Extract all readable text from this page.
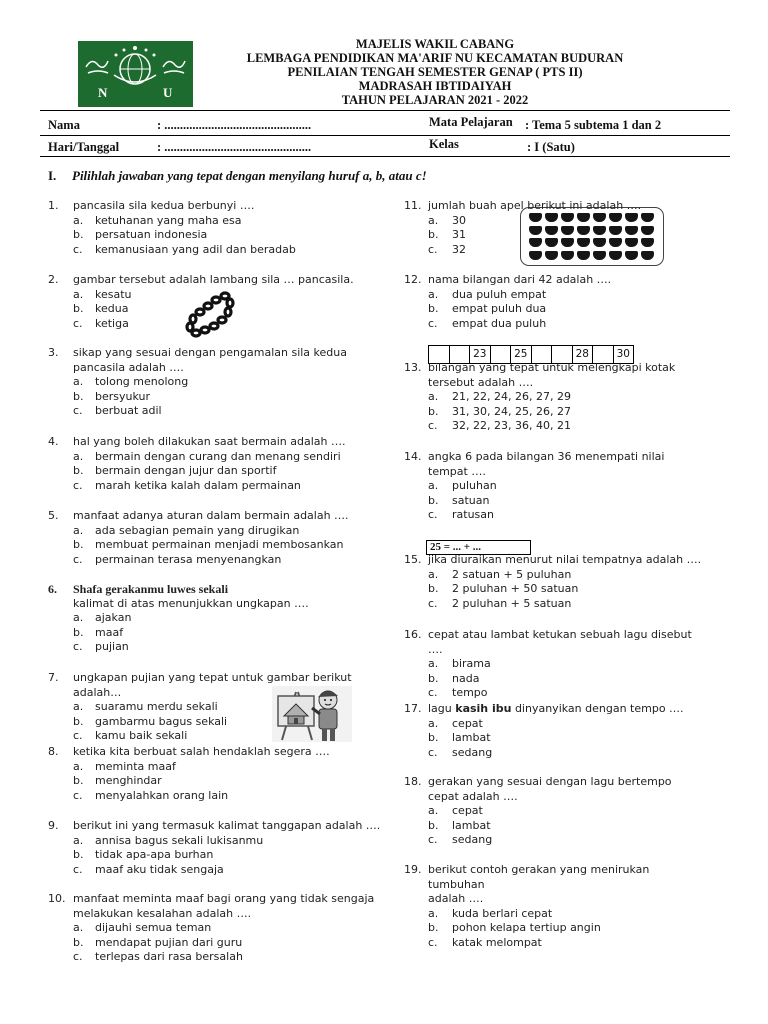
N	U
MAJELIS WAKIL CABANG
LEMBAGA PENDIDIKAN MA'ARIF NU KECAMATAN BUDURAN
PENILAIAN TENGAH SEMESTER GENAP ( PTS II)
MADRASAH IBTIDAIYAH
TAHUN PELAJARAN 2021 - 2022
Nama	: ...............................................
Hari/Tanggal	: ...............................................
Mata Pelajaran : Tema 5 subtema 1 dan 2
Kelas	: I (Satu)
I. Pilihlah jawaban yang tepat dengan menyilang huruf a, b, atau c!
23	25	28	30
25 = ... + ...
1. pancasila sila kedua berbunyi ….
a. ketuhanan yang maha esa
b. persatuan indonesia
c. kemanusiaan yang adil dan beradab
2. gambar tersebut adalah lambang sila … pancasila.
a. kesatu
b. kedua
c. ketiga
3. sikap yang sesuai dengan pengamalan sila kedua
pancasila adalah ….
a. tolong menolong
b. bersyukur
c. berbuat adil
4. hal yang boleh dilakukan saat bermain adalah ….
a. bermain dengan curang dan menang sendiri
b. bermain dengan jujur dan sportif
c. marah ketika kalah dalam permainan
5. manfaat adanya aturan dalam bermain adalah ….
a. ada sebagian pemain yang dirugikan
b. membuat permainan menjadi membosankan
c. permainan terasa menyenangkan
6. Shafa gerakanmu luwes sekali
kalimat di atas menunjukkan ungkapan ….
a. ajakan
b. maaf
c. pujian
7. ungkapan pujian yang tepat untuk gambar berikut adalah…
a. suaramu merdu sekali
b. gambarmu bagus sekali
c. kamu baik sekali
8. ketika kita berbuat salah hendaklah segera ….
a. meminta maaf
b. menghindar
c. menyalahkan orang lain
9. berikut ini yang termasuk kalimat tanggapan adalah ….
a. annisa bagus sekali lukisanmu
b. tidak apa-apa burhan
c. maaf aku tidak sengaja
10. manfaat meminta maaf bagi orang yang tidak sengaja
melakukan kesalahan adalah ….
a. dijauhi semua teman
b. mendapat pujian dari guru
c. terlepas dari rasa bersalah
11. jumlah buah apel berikut ini adalah ….
a. 30
b. 31
c. 32
12. nama bilangan dari 42 adalah ….
a. dua puluh empat
b. empat puluh dua
c. empat dua puluh
13. bilangan yang tepat untuk melengkapi kotak
tersebut adalah ….
a. 21, 22, 24, 26, 27, 29
b. 31, 30, 24, 25, 26, 27
c. 32, 22, 23, 36, 40, 21
14. angka 6 pada bilangan 36 menempati nilai
tempat ….
a. puluhan
b. satuan
c. ratusan
15. jika diuraikan menurut nilai tempatnya adalah ….
a. 2 satuan + 5 puluhan
b. 2 puluhan + 50 satuan
c. 2 puluhan + 5 satuan
16. cepat atau lambat ketukan sebuah lagu disebut ….
a. birama
b. nada
c. tempo
17. lagu kasih ibu dinyanyikan dengan tempo ….
a. cepat
b. lambat
c. sedang
18. gerakan yang sesuai dengan lagu bertempo
cepat adalah ….
a. cepat
b. lambat
c. sedang
19. berikut contoh gerakan yang menirukan tumbuhan
adalah ….
a. kuda berlari cepat
b. pohon kelapa tertiup angin
c. katak melompat
